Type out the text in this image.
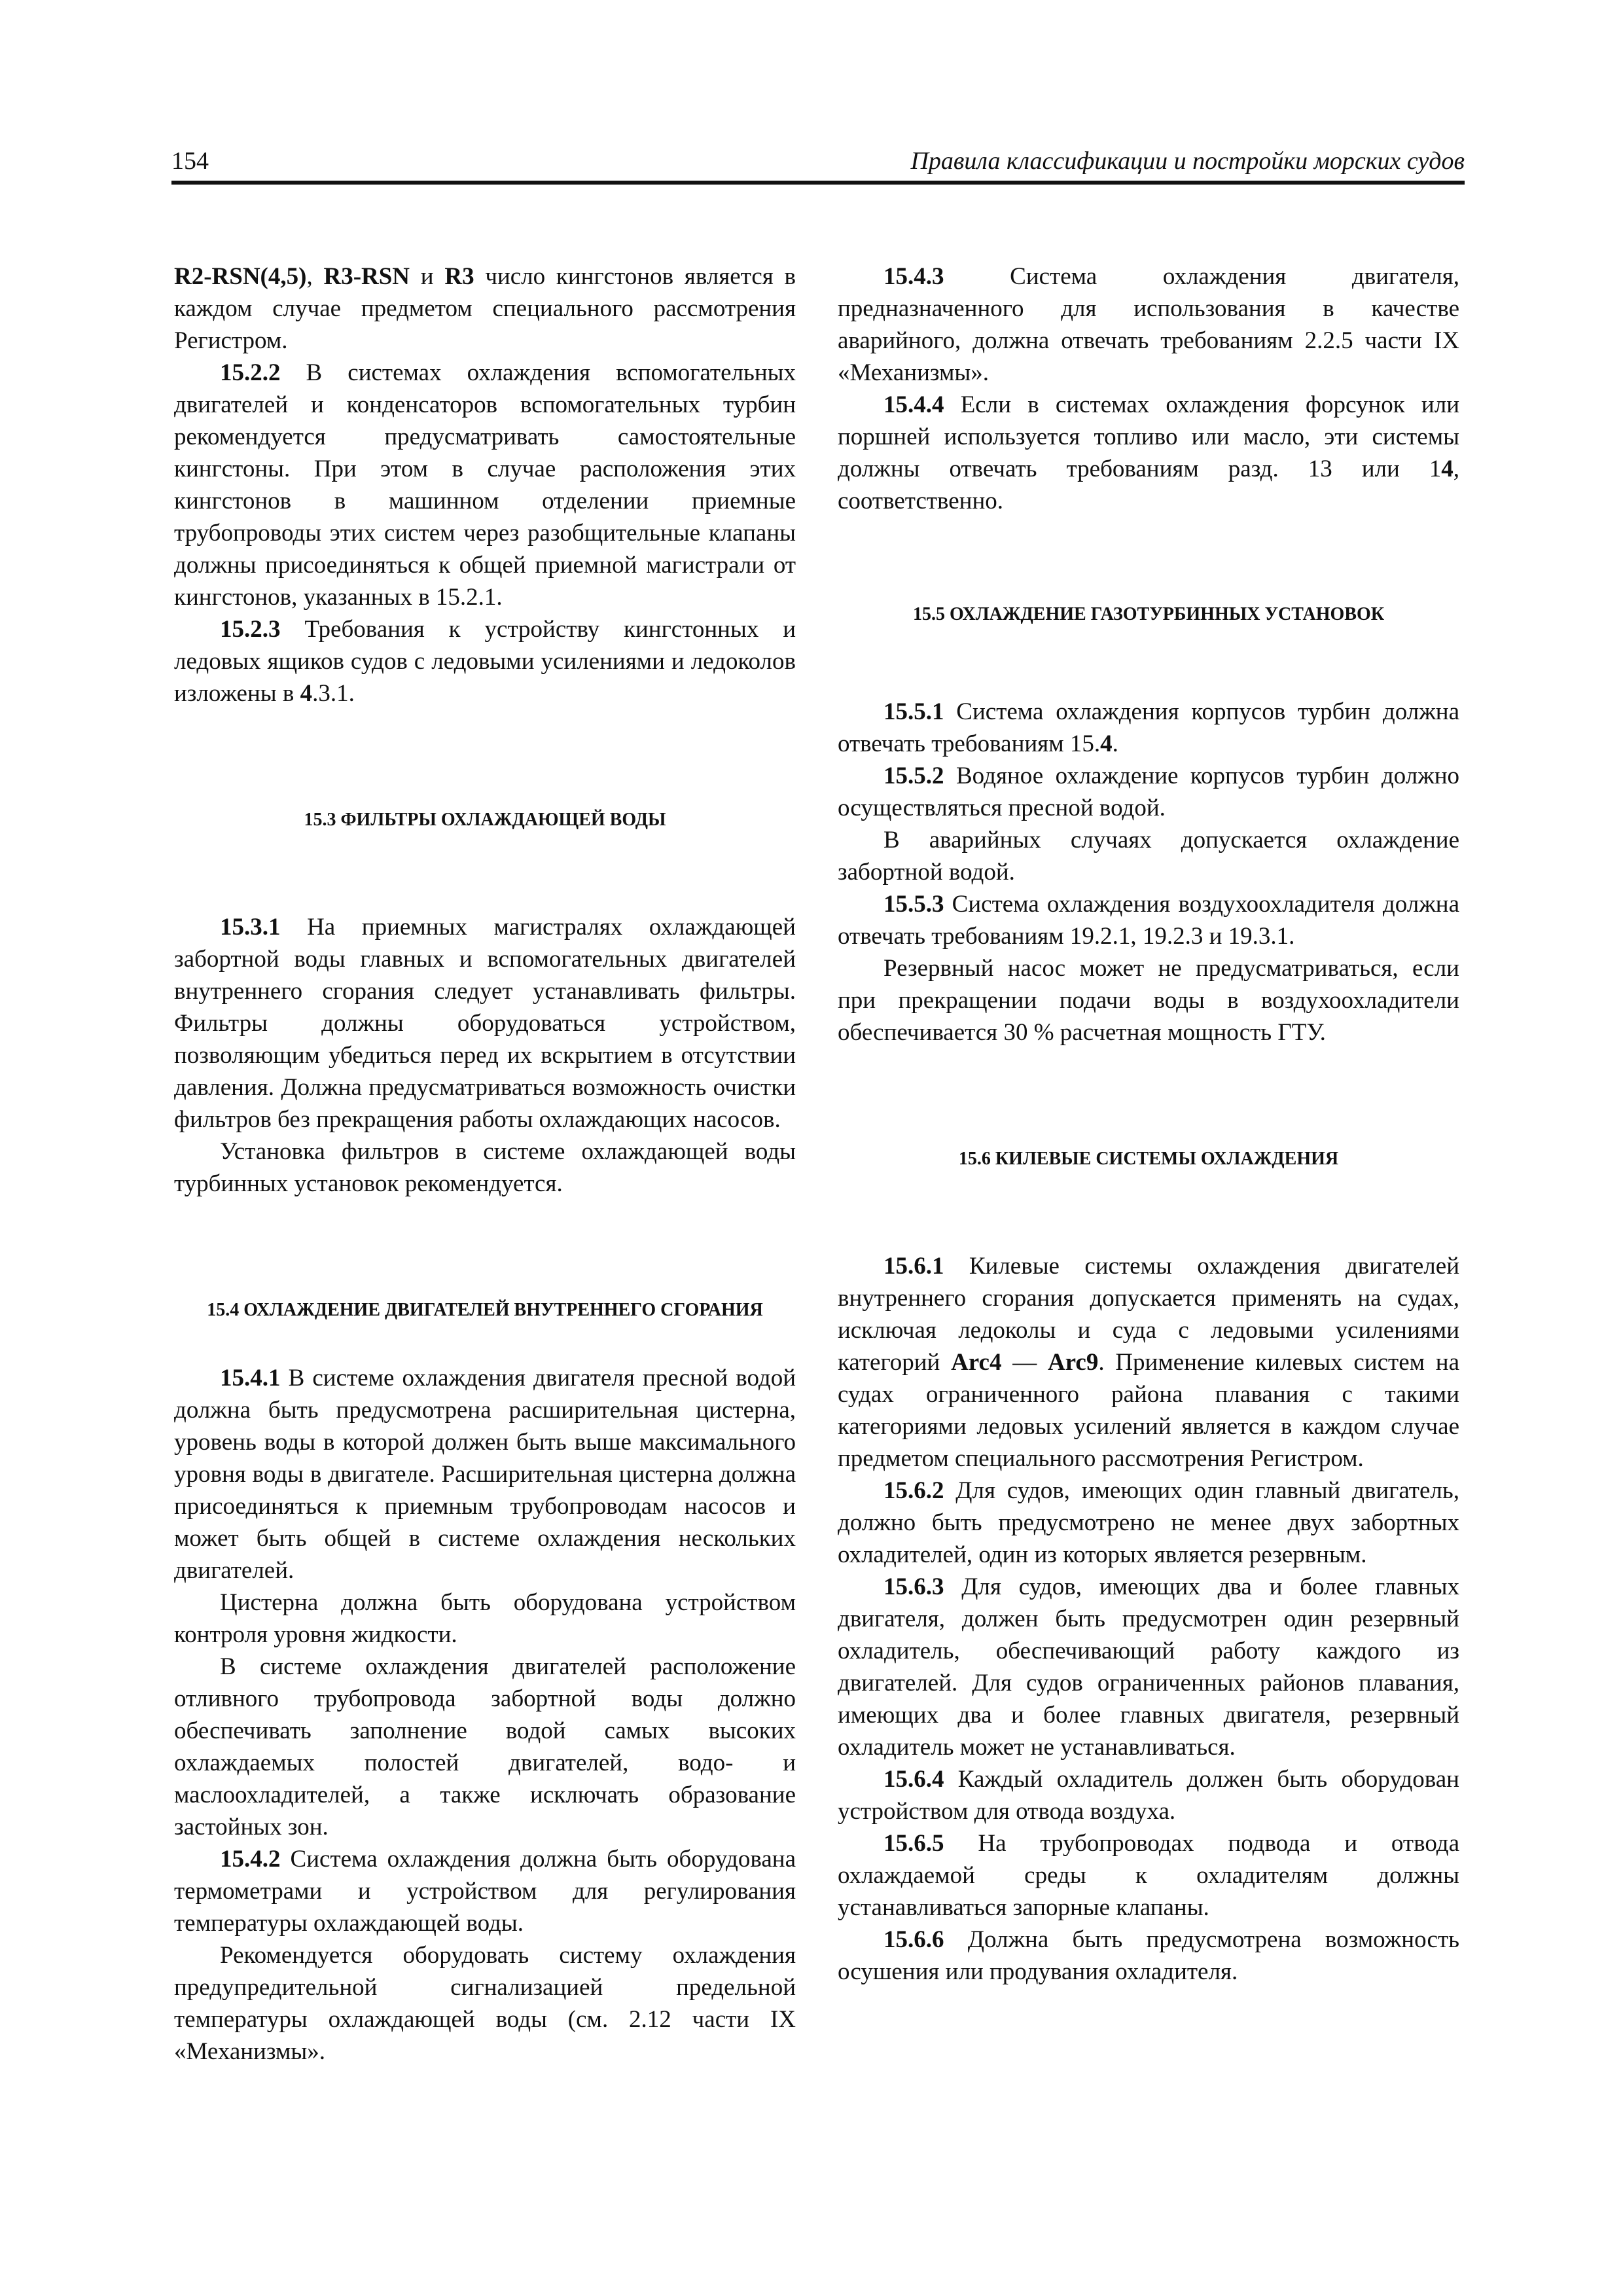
154	Правила классификации и постройки морских судов

R2-RSN(4,5), R3-RSN и R3 число кингстонов является в каждом случае предметом специального рассмотрения Регистром.

15.2.2 В системах охлаждения вспомогательных двигателей и конденсаторов вспомогательных турбин рекомендуется предусматривать самостоятельные кингстоны. При этом в случае расположения этих кингстонов в машинном отделении приемные трубопроводы этих систем через разобщительные клапаны должны присоединяться к общей приемной магистрали от кингстонов, указанных в 15.2.1.

15.2.3 Требования к устройству кингстонных и ледовых ящиков судов с ледовыми усилениями и ледоколов изложены в 4.3.1.

15.3 ФИЛЬТРЫ ОХЛАЖДАЮЩЕЙ ВОДЫ

15.3.1 На приемных магистралях охлаждающей забортной воды главных и вспомогательных двигателей внутреннего сгорания следует устанавливать фильтры. Фильтры должны оборудоваться устройством, позволяющим убедиться перед их вскрытием в отсутствии давления. Должна предусматриваться возможность очистки фильтров без прекращения работы охлаждающих насосов.

Установка фильтров в системе охлаждающей воды турбинных установок рекомендуется.

15.4 ОХЛАЖДЕНИЕ ДВИГАТЕЛЕЙ ВНУТРЕННЕГО СГОРАНИЯ

15.4.1 В системе охлаждения двигателя пресной водой должна быть предусмотрена расширительная цистерна, уровень воды в которой должен быть выше максимального уровня воды в двигателе. Расширительная цистерна должна присоединяться к приемным трубопроводам насосов и может быть общей в системе охлаждения нескольких двигателей.

Цистерна должна быть оборудована устройством контроля уровня жидкости.

В системе охлаждения двигателей расположение отливного трубопровода забортной воды должно обеспечивать заполнение водой самых высоких охлаждаемых полостей двигателей, водо- и маслоохладителей, а также исключать образование застойных зон.

15.4.2 Система охлаждения должна быть оборудована термометрами и устройством для регулирования температуры охлаждающей воды.

Рекомендуется оборудовать систему охлаждения предупредительной сигнализацией предельной температуры охлаждающей воды (см. 2.12 части IX «Механизмы».

15.4.3 Система охлаждения двигателя, предназначенного для использования в качестве аварийного, должна отвечать требованиям 2.2.5 части IX «Механизмы».

15.4.4 Если в системах охлаждения форсунок или поршней используется топливо или масло, эти системы должны отвечать требованиям разд. 13 или 14, соответственно.

15.5 ОХЛАЖДЕНИЕ ГАЗОТУРБИННЫХ УСТАНОВОК

15.5.1 Система охлаждения корпусов турбин должна отвечать требованиям 15.4.

15.5.2 Водяное охлаждение корпусов турбин должно осуществляться пресной водой.

В аварийных случаях допускается охлаждение забортной водой.

15.5.3 Система охлаждения воздухоохладителя должна отвечать требованиям 19.2.1, 19.2.3 и 19.3.1.

Резервный насос может не предусматриваться, если при прекращении подачи воды в воздухоохладители обеспечивается 30 % расчетная мощность ГТУ.

15.6 КИЛЕВЫЕ СИСТЕМЫ ОХЛАЖДЕНИЯ

15.6.1 Килевые системы охлаждения двигателей внутреннего сгорания допускается применять на судах, исключая ледоколы и суда с ледовыми усилениями категорий Arc4 — Arc9. Применение килевых систем на судах ограниченного района плавания с такими категориями ледовых усилений является в каждом случае предметом специального рассмотрения Регистром.

15.6.2 Для судов, имеющих один главный двигатель, должно быть предусмотрено не менее двух забортных охладителей, один из которых является резервным.

15.6.3 Для судов, имеющих два и более главных двигателя, должен быть предусмотрен один резервный охладитель, обеспечивающий работу каждого из двигателей. Для судов ограниченных районов плавания, имеющих два и более главных двигателя, резервный охладитель может не устанавливаться.

15.6.4 Каждый охладитель должен быть оборудован устройством для отвода воздуха.

15.6.5 На трубопроводах подвода и отвода охлаждаемой среды к охладителям должны устанавливаться запорные клапаны.

15.6.6 Должна быть предусмотрена возможность осушения или продувания охладителя.
